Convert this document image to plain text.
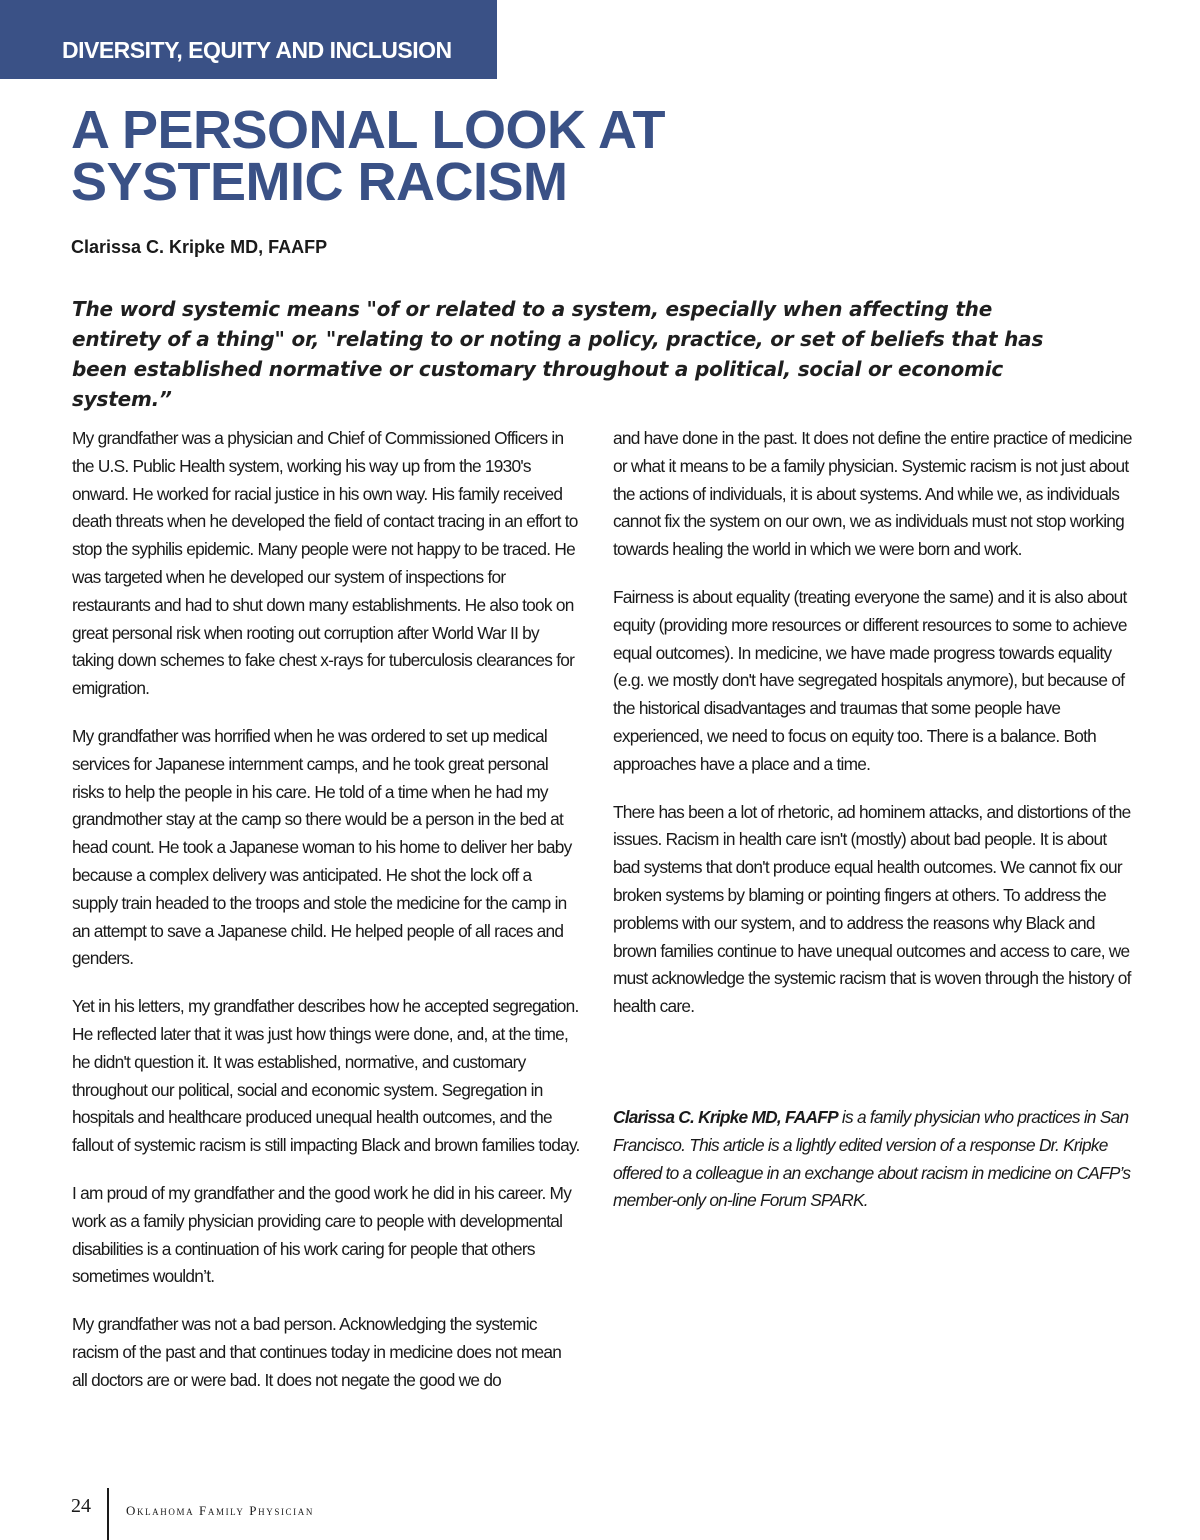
DIVERSITY, EQUITY AND INCLUSION
A PERSONAL LOOK AT
SYSTEMIC RACISM
Clarissa C. Kripke MD, FAAFP

The word systemic means "of or related to a system, especially when affecting the entirety of a thing" or, "relating to or noting a policy, practice, or set of beliefs that has been established normative or customary throughout a political, social or economic system.”

My grandfather was a physician and Chief of Commissioned Officers in the U.S. Public Health system, working his way up from the 1930's onward. He worked for racial justice in his own way. His family received death threats when he developed the field of contact tracing in an effort to stop the syphilis epidemic. Many people were not happy to be traced. He was targeted when he developed our system of inspections for restaurants and had to shut down many establishments. He also took on great personal risk when rooting out corruption after World War II by taking down schemes to fake chest x-rays for tuberculosis clearances for emigration.

My grandfather was horrified when he was ordered to set up medical services for Japanese internment camps, and he took great personal risks to help the people in his care. He told of a time when he had my grandmother stay at the camp so there would be a person in the bed at head count. He took a Japanese woman to his home to deliver her baby because a complex delivery was anticipated. He shot the lock off a supply train headed to the troops and stole the medicine for the camp in an attempt to save a Japanese child. He helped people of all races and genders.

Yet in his letters, my grandfather describes how he accepted segregation. He reflected later that it was just how things were done, and, at the time, he didn't question it. It was established, normative, and customary throughout our political, social and economic system. Segregation in hospitals and healthcare produced unequal health outcomes, and the fallout of systemic racism is still impacting Black and brown families today.

I am proud of my grandfather and the good work he did in his career. My work as a family physician providing care to people with developmental disabilities is a continuation of his work caring for people that others sometimes wouldn’t.

My grandfather was not a bad person. Acknowledging the systemic racism of the past and that continues today in medicine does not mean all doctors are or were bad. It does not negate the good we do

and have done in the past. It does not define the entire practice of medicine or what it means to be a family physician. Systemic racism is not just about the actions of individuals, it is about systems. And while we, as individuals cannot fix the system on our own, we as individuals must not stop working towards healing the world in which we were born and work.

Fairness is about equality (treating everyone the same) and it is also about equity (providing more resources or different resources to some to achieve equal outcomes). In medicine, we have made progress towards equality (e.g. we mostly don't have segregated hospitals anymore), but because of the historical disadvantages and traumas that some people have experienced, we need to focus on equity too. There is a balance. Both approaches have a place and a time.

There has been a lot of rhetoric, ad hominem attacks, and distortions of the issues. Racism in health care isn't (mostly) about bad people. It is about bad systems that don't produce equal health outcomes. We cannot fix our broken systems by blaming or pointing fingers at others. To address the problems with our system, and to address the reasons why Black and brown families continue to have unequal outcomes and access to care, we must acknowledge the systemic racism that is woven through the history of health care.

Clarissa C. Kripke MD, FAAFP is a family physician who practices in San Francisco. This article is a lightly edited version of a response Dr. Kripke offered to a colleague in an exchange about racism in medicine on CAFP’s member-only on-line Forum SPARK.

24	Oklahoma Family Physician
